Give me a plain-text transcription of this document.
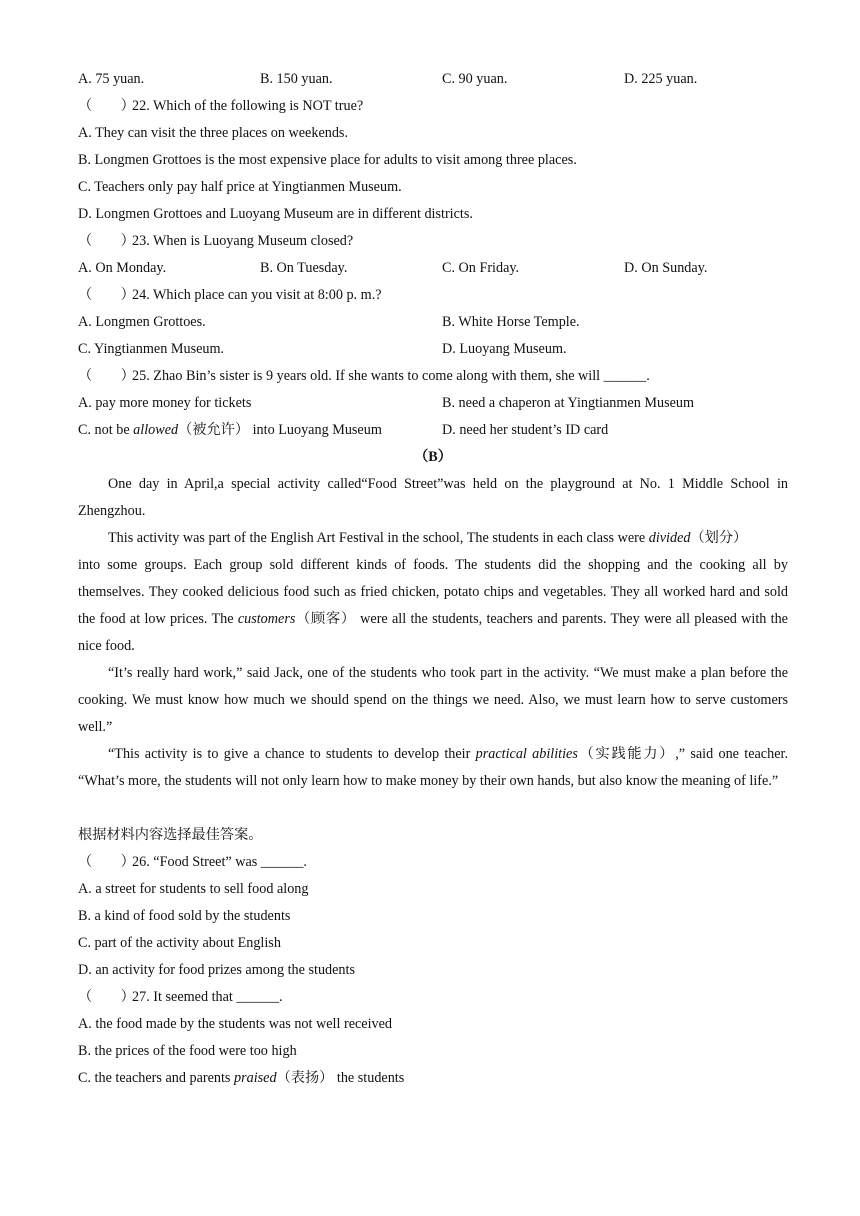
A. 75 yuan.	B. 150 yuan.	C. 90 yuan.	D. 225 yuan.
（　　）22. Which of the following is NOT true?
A. They can visit the three places on weekends.
B. Longmen Grottoes is the most expensive place for adults to visit among three places.
C. Teachers only pay half price at Yingtianmen Museum.
D. Longmen Grottoes and Luoyang Museum are in different districts.
（　　）23. When is Luoyang Museum closed?
A. On Monday.	B. On Tuesday.	C. On Friday.	D. On Sunday.
（　　）24. Which place can you visit at 8:00 p. m.?
A. Longmen Grottoes.	B. White Horse Temple.
C. Yingtianmen Museum.	D. Luoyang Museum.
（　　）25. Zhao Bin’s sister is 9 years old. If she wants to come along with them, she will ______.
A. pay more money for tickets	B. need a chaperon at Yingtianmen Museum
C. not be allowed（被允许） into Luoyang Museum	D. need her student’s ID card
（B）
One day in April,a special activity called“Food Street”was held on the playground at No. 1 Middle School in Zhengzhou.
This activity was part of the English Art Festival in the school, The students in each class were divided（划分）
into some groups. Each group sold different kinds of foods. The students did the shopping and the cooking all by themselves. They cooked delicious food such as fried chicken, potato chips and vegetables. They all worked hard and sold the food at low prices. The customers（顾客） were all the students, teachers and parents. They were all pleased with the nice food.
“It’s really hard work,” said Jack, one of the students who took part in the activity. “We must make a plan before the cooking. We must know how much we should spend on the things we need. Also, we must learn how to serve customers well.”
“This activity is to give a chance to students to develop their practical abilities（实践能力）,” said one teacher. “What’s more, the students will not only learn how to make money by their own hands, but also know the meaning of life.”
根据材料内容选择最佳答案。
（　　）26. “Food Street” was ______.
A. a street for students to sell food along
B. a kind of food sold by the students
C. part of the activity about English
D. an activity for food prizes among the students
（　　）27. It seemed that ______.
A. the food made by the students was not well received
B. the prices of the food were too high
C. the teachers and parents praised（表扬） the students
